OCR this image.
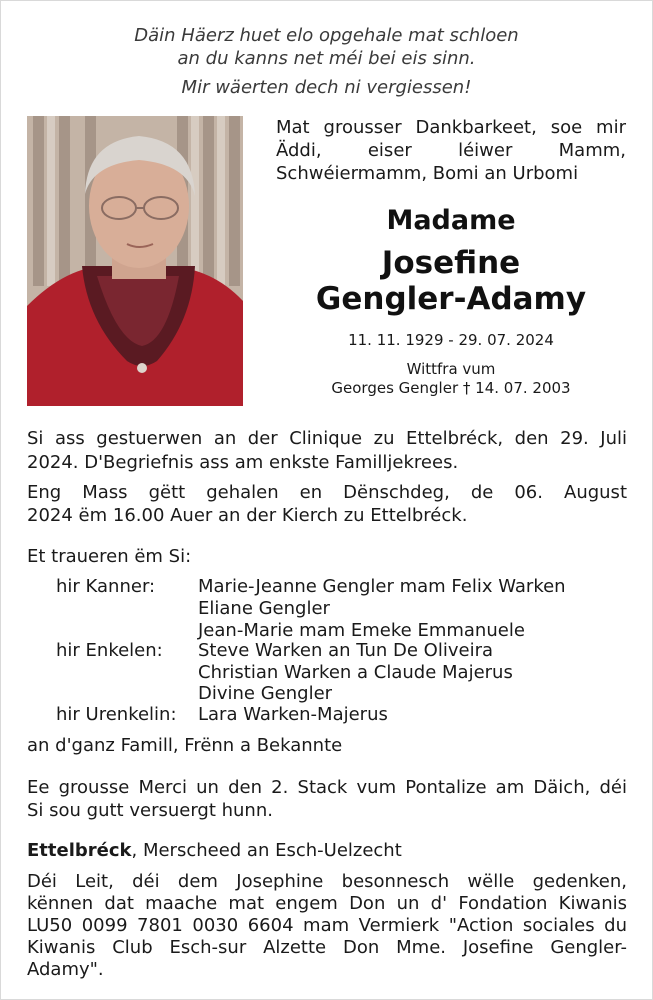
Däin Häerz huet elo opgehale mat schloen
an du kanns net méi bei eis sinn.
Mir wäerten dech ni vergiessen!
Mat grousser Dankbarkeet, soe mir
Äddi, eiser léiwer Mamm,
Schwéiermamm, Bomi an Urbomi
Madame
Josefine
Gengler-Adamy
11. 11. 1929 - 29. 07. 2024
Wittfra vum
Georges Gengler † 14. 07. 2003
Si ass gestuerwen an der Clinique zu Ettelbréck, den 29. Juli
2024. D'Begriefnis ass am enkste Familljekrees.
Eng Mass gëtt gehalen en Dënschdeg, de 06. August
2024 ëm 16.00 Auer an der Kierch zu Ettelbréck.
Et traueren ëm Si:
hir Kanner: Marie-Jeanne Gengler mam Felix Warken
Eliane Gengler
Jean-Marie mam Emeke Emmanuele
hir Enkelen: Steve Warken an Tun De Oliveira
Christian Warken a Claude Majerus
Divine Gengler
hir Urenkelin: Lara Warken-Majerus
an d'ganz Famill, Frënn a Bekannte
Ee grousse Merci un den 2. Stack vum Pontalize am Däich, déi
Si sou gutt versuergt hunn.
Ettelbréck, Merscheed an Esch-Uelzecht
Déi Leit, déi dem Josephine besonnesch wëlle gedenken,
kënnen dat maache mat engem Don un d' Fondation Kiwanis
LU50 0099 7801 0030 6604 mam Vermierk "Action sociales du
Kiwanis Club Esch-sur Alzette Don Mme. Josefine Gengler-
Adamy".
